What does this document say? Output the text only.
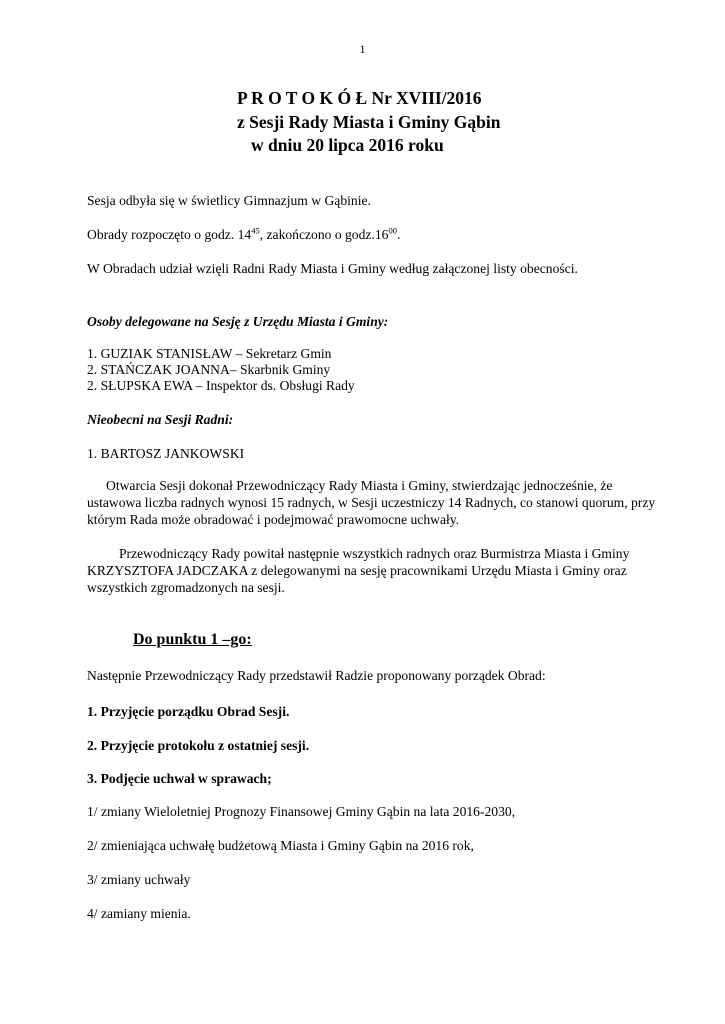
1
P R O T O K Ó Ł Nr XVIII/2016
z Sesji Rady Miasta i Gminy Gąbin
w dniu 20 lipca 2016 roku
Sesja odbyła się w świetlicy Gimnazjum w Gąbinie.
Obrady rozpoczęto o godz. $14^{45}$, zakończono o $godz.16^{00}$.
W Obradach udział wzięli Radni Rady Miasta i Gminy według załączonej listy obecności.
Osoby delegowane na Sesję z Urzędu Miasta i Gminy:
1. GUZIAK STANISŁAW – Sekretarz Gmin
2. STAŃCZAK JOANNA– Skarbnik Gminy
2. SŁUPSKA EWA – Inspektor ds. Obsługi Rady
Nieobecni na Sesji Radni:
1. BARTOSZ JANKOWSKI
Otwarcia Sesji dokonał Przewodniczący Rady Miasta i Gminy, stwierdzając jednocześnie, że
ustawowa liczba radnych wynosi 15 radnych, w Sesji uczestniczy 14 Radnych, co stanowi quorum, przy
którym Rada może obradować i podejmować prawomocne uchwały.
Przewodniczący Rady powitał następnie wszystkich radnych oraz Burmistrza Miasta i Gminy
KRZYSZTOFA JADCZAKA z delegowanymi na sesję pracownikami Urzędu Miasta i Gminy oraz
wszystkich zgromadzonych na sesji.
Do punktu 1 –go:
Następnie Przewodniczący Rady przedstawił Radzie proponowany porządek Obrad:
1. Przyjęcie porządku Obrad Sesji.
2. Przyjęcie protokołu z ostatniej sesji.
3. Podjęcie uchwał w sprawach;
1/ zmiany Wieloletniej Prognozy Finansowej Gminy Gąbin na lata 2016-2030,
2/ zmieniająca uchwałę budżetową Miasta i Gminy Gąbin na 2016 rok,
3/ zmiany uchwały
4/ zamiany mienia.
